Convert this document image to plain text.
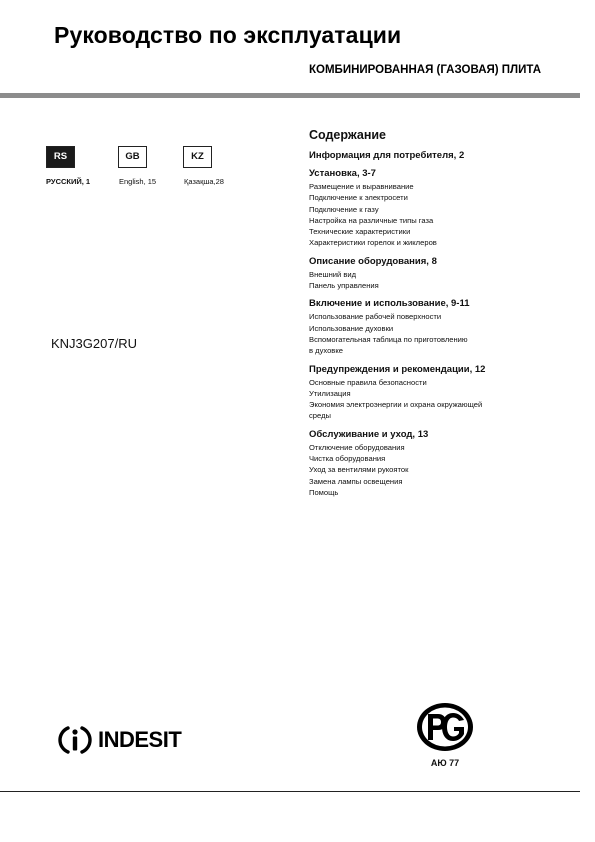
Руководство по эксплуатации
КОМБИНИРОВАННАЯ (ГАЗОВАЯ) ПЛИТА
RS	GB	KZ
РУССКИЙ, 1	English, 15	Қазақша,28
KNJ3G207/RU
Содержание
Информация для потребителя, 2
Установка, 3-7
Размещение и выравнивание
Подключение к электросети
Подключение к газу
Настройка на различные типы газа
Технические характеристики
Характеристики горелок и жиклеров
Описание оборудования, 8
Внешний вид
Панель управления
Включение и использование, 9-11
Использование рабочей поверхности
Использование духовки
Вспомогательная таблица по приготовлению
в духовке
Предупреждения и рекомендации, 12
Основные правила безопасности
Утилизация
Экономия электроэнергии и охрана окружающей
среды
Обслуживание и уход, 13
Отключение оборудования
Чистка оборудования
Уход за вентилями рукояток
Замена лампы освещения
Помощь
INDESIT
АЮ 77
